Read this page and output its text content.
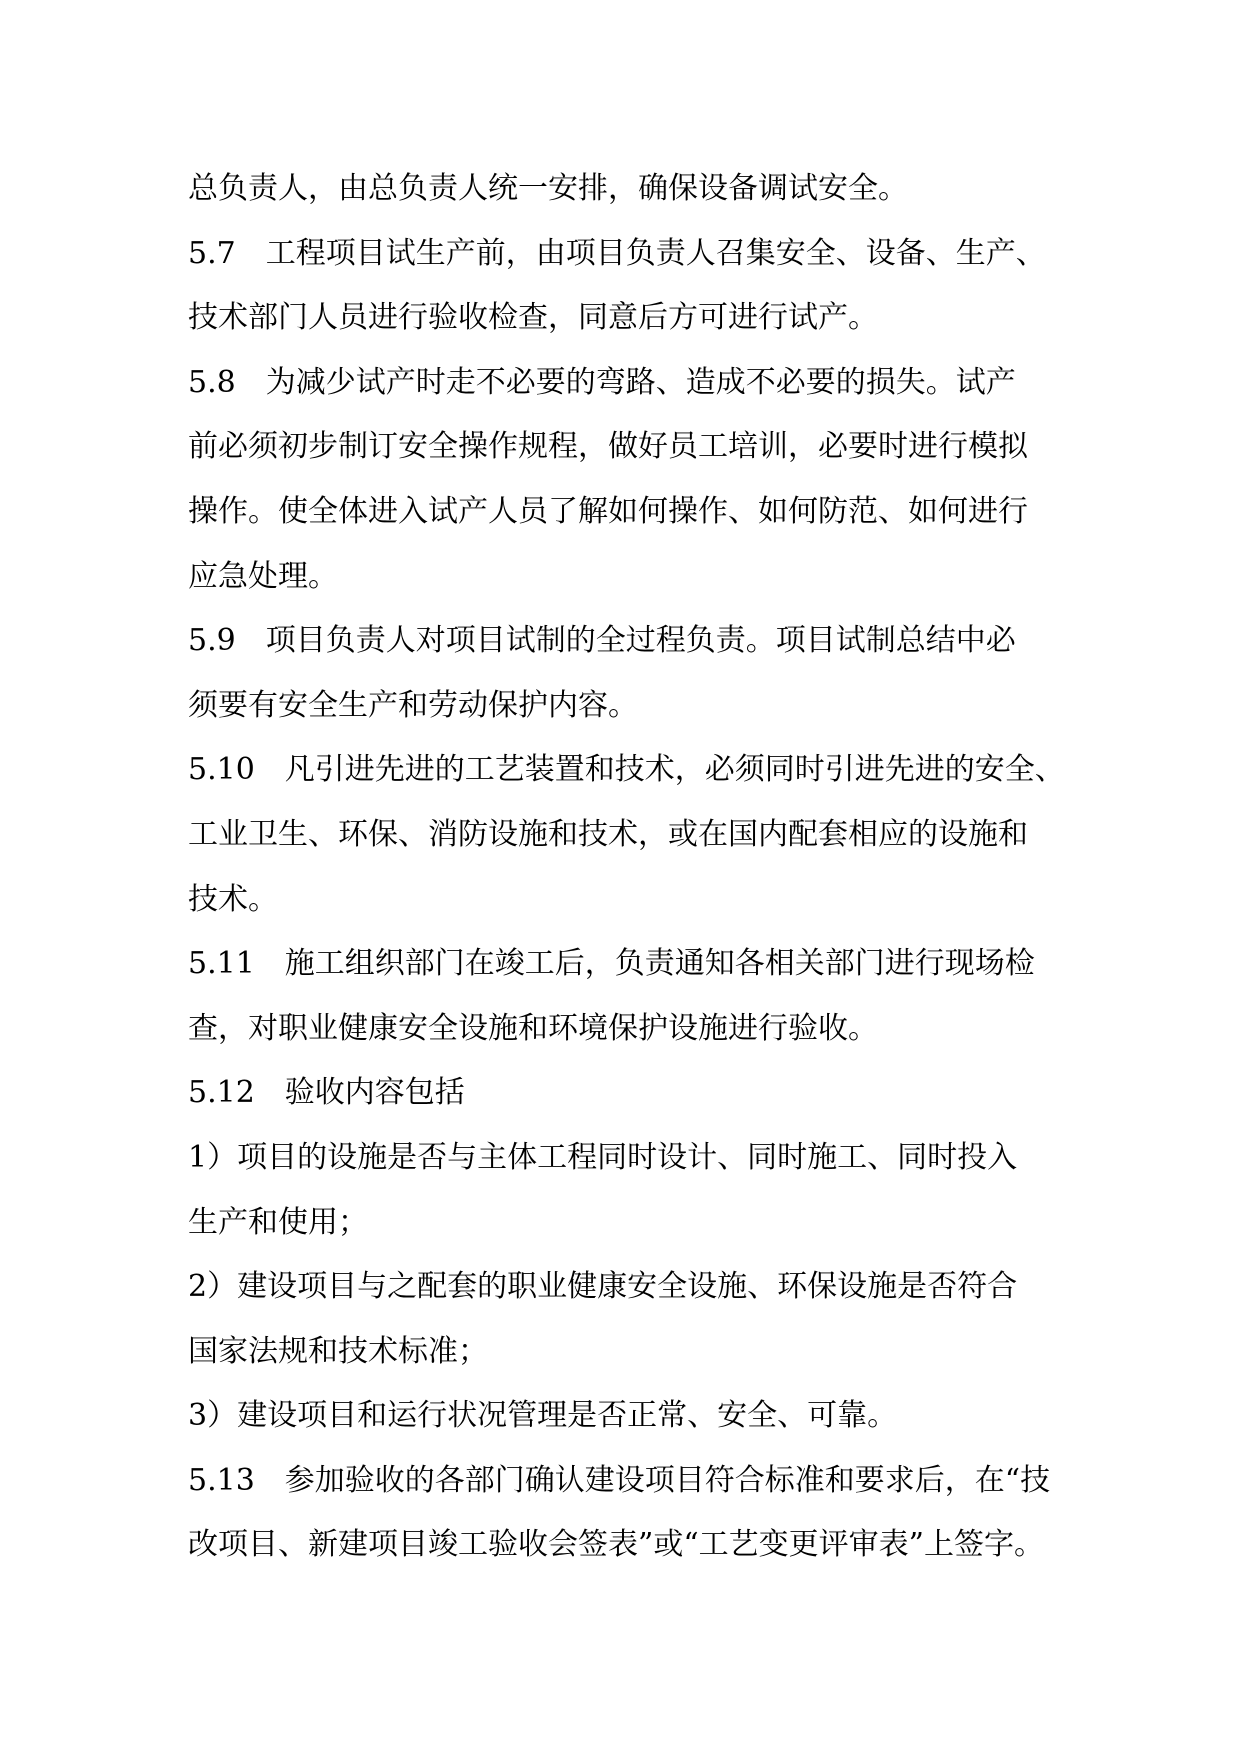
总负责人，由总负责人统一安排，确保设备调试安全。
5.7　工程项目试生产前，由项目负责人召集安全、设备、生产、
技术部门人员进行验收检查，同意后方可进行试产。
5.8　为减少试产时走不必要的弯路、造成不必要的损失。试产
前必须初步制订安全操作规程，做好员工培训，必要时进行模拟
操作。使全体进入试产人员了解如何操作、如何防范、如何进行
应急处理。
5.9　项目负责人对项目试制的全过程负责。项目试制总结中必
须要有安全生产和劳动保护内容。
5.10　凡引进先进的工艺装置和技术，必须同时引进先进的安全、
工业卫生、环保、消防设施和技术，或在国内配套相应的设施和
技术。
5.11　施工组织部门在竣工后，负责通知各相关部门进行现场检
查，对职业健康安全设施和环境保护设施进行验收。
5.12　验收内容包括
1）项目的设施是否与主体工程同时设计、同时施工、同时投入
生产和使用；
2）建设项目与之配套的职业健康安全设施、环保设施是否符合
国家法规和技术标准；
3）建设项目和运行状况管理是否正常、安全、可靠。
5.13　参加验收的各部门确认建设项目符合标准和要求后，在“技
改项目、新建项目竣工验收会签表”或“工艺变更评审表”上签字。
